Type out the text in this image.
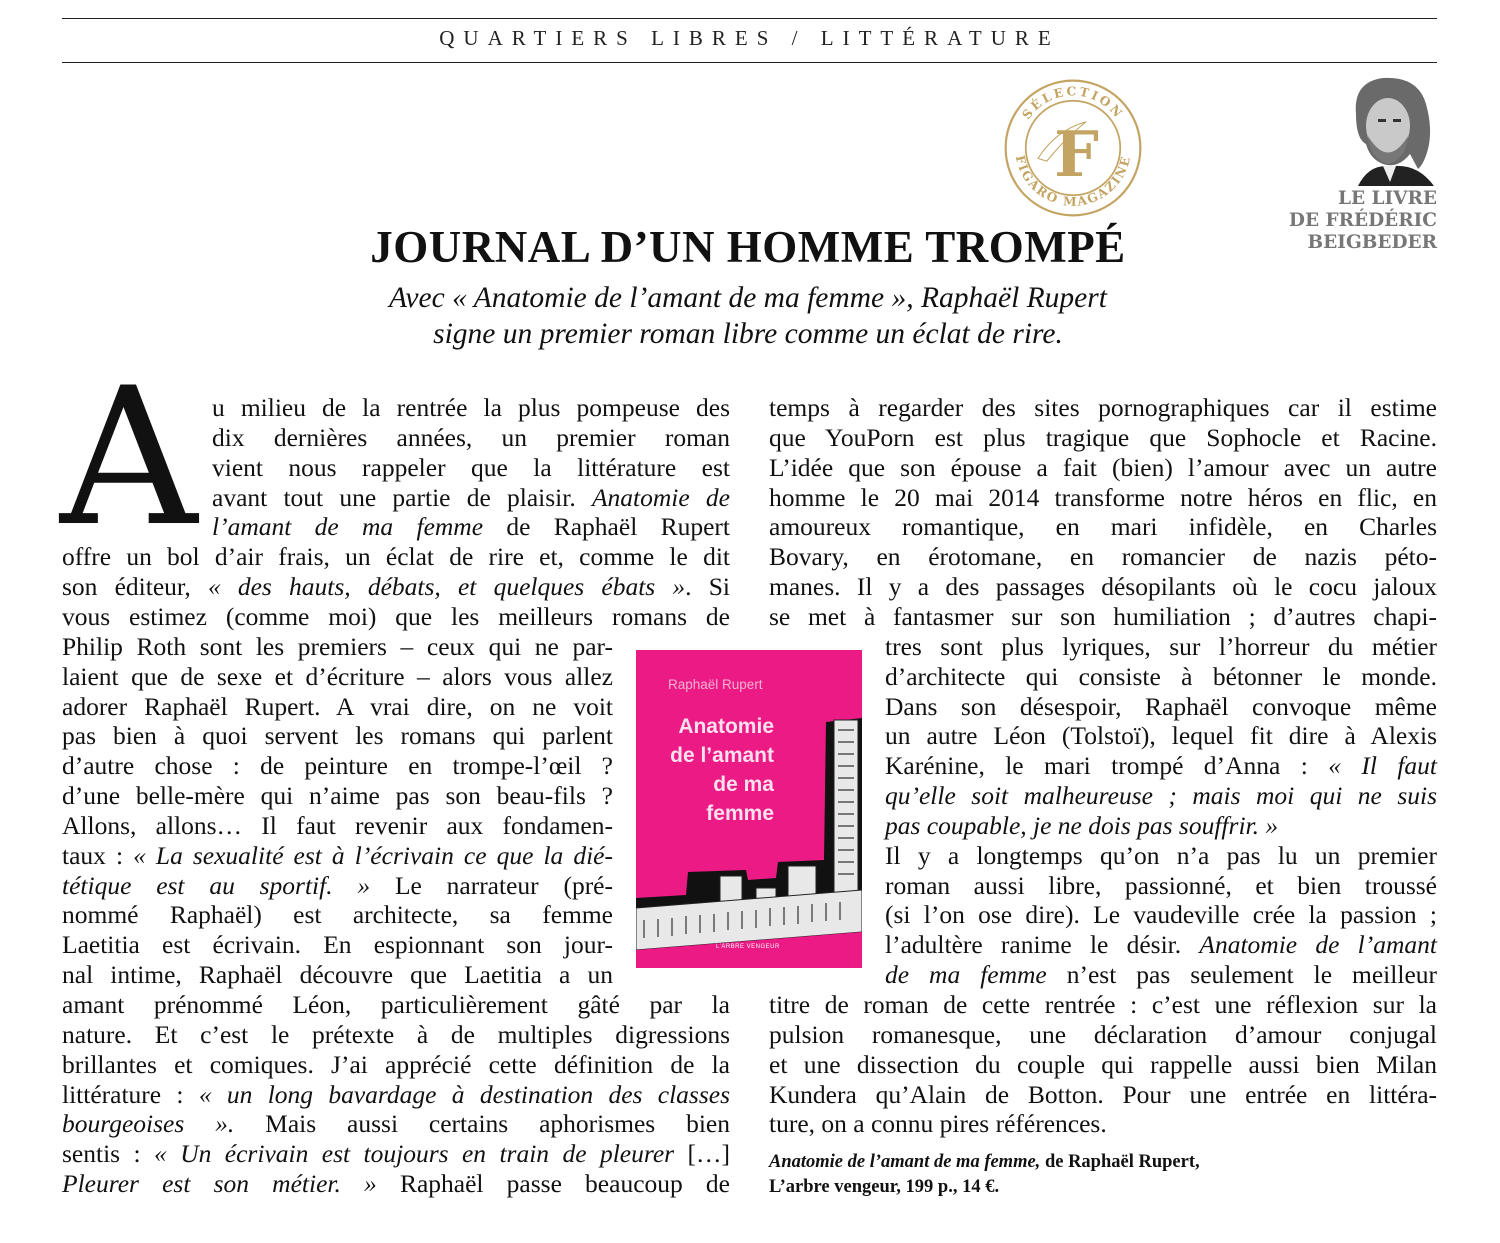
QUARTIERS LIBRES / LITTÉRATURE
SÉLECTION
FIGARO MAGAZINE
F
LE LIVRE
DE FRÉDÉRIC
BEIGBEDER
JOURNAL D’UN HOMME TROMPÉ
Avec « Anatomie de l’amant de ma femme », Raphaël Rupert
signe un premier roman libre comme un éclat de rire.
A u milieu de la rentrée la plus pompeuse des
dix dernières années, un premier roman
vient nous rappeler que la littérature est
avant tout une partie de plaisir. Anatomie de
l’amant de ma femme de Raphaël Rupert
offre un bol d’air frais, un éclat de rire et, comme le dit
son éditeur, « des hauts, débats, et quelques ébats ». Si
vous estimez (comme moi) que les meilleurs romans de
Philip Roth sont les premiers – ceux qui ne par-
laient que de sexe et d’écriture – alors vous allez
adorer Raphaël Rupert. A vrai dire, on ne voit
pas bien à quoi servent les romans qui parlent
d’autre chose : de peinture en trompe-l’œil ?
d’une belle-mère qui n’aime pas son beau-fils ?
Allons, allons… Il faut revenir aux fondamen-
taux : « La sexualité est à l’écrivain ce que la dié-
tétique est au sportif. » Le narrateur (pré-
nommé Raphaël) est architecte, sa femme
Laetitia est écrivain. En espionnant son jour-
nal intime, Raphaël découvre que Laetitia a un
amant prénommé Léon, particulièrement gâté par la
nature. Et c’est le prétexte à de multiples digressions
brillantes et comiques. J’ai apprécié cette définition de la
littérature : « un long bavardage à destination des classes
bourgeoises ». Mais aussi certains aphorismes bien
sentis : « Un écrivain est toujours en train de pleurer […]
Pleurer est son métier. » Raphaël passe beaucoup de
temps à regarder des sites pornographiques car il estime
que YouPorn est plus tragique que Sophocle et Racine.
L’idée que son épouse a fait (bien) l’amour avec un autre
homme le 20 mai 2014 transforme notre héros en flic, en
amoureux romantique, en mari infidèle, en Charles
Bovary, en érotomane, en romancier de nazis péto-
manes. Il y a des passages désopilants où le cocu jaloux
se met à fantasmer sur son humiliation ; d’autres chapi-
tres sont plus lyriques, sur l’horreur du métier
d’architecte qui consiste à bétonner le monde.
Dans son désespoir, Raphaël convoque même
un autre Léon (Tolstoï), lequel fit dire à Alexis
Karénine, le mari trompé d’Anna : « Il faut
qu’elle soit malheureuse ; mais moi qui ne suis
pas coupable, je ne dois pas souffrir. »
Il y a longtemps qu’on n’a pas lu un premier
roman aussi libre, passionné, et bien troussé
(si l’on ose dire). Le vaudeville crée la passion ;
l’adultère ranime le désir. Anatomie de l’amant
de ma femme n’est pas seulement le meilleur
titre de roman de cette rentrée : c’est une réflexion sur la
pulsion romanesque, une déclaration d’amour conjugal
et une dissection du couple qui rappelle aussi bien Milan
Kundera qu’Alain de Botton. Pour une entrée en littéra-
ture, on a connu pires références.
Raphaël Rupert
Anatomie
de l’amant
de ma
femme
L’ARBRE VENGEUR
Anatomie de l’amant de ma femme, de Raphaël Rupert,
L’arbre vengeur, 199 p., 14 €.
